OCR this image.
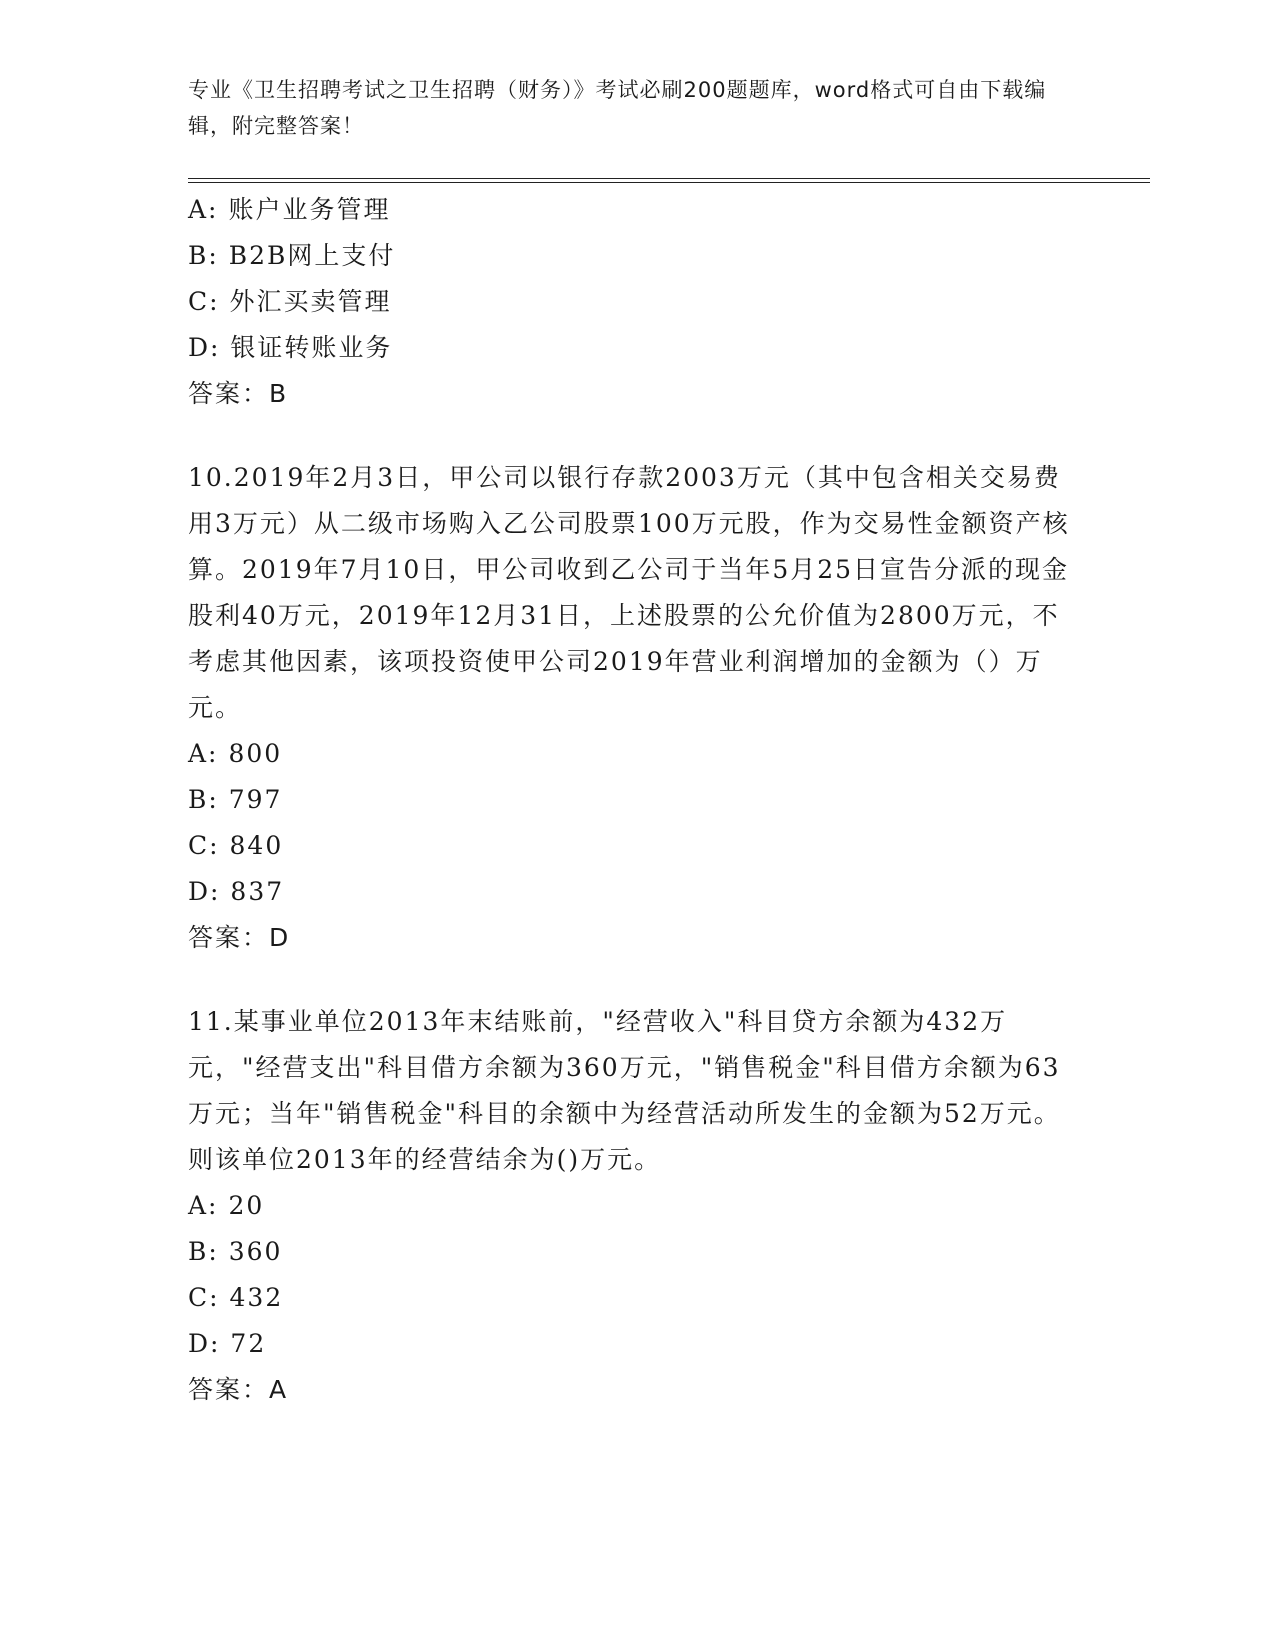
专业《卫生招聘考试之卫生招聘（财务）》考试必刷200题题库，word格式可自由下载编辑，附完整答案！
A: 账户业务管理
B: B2B网上支付
C: 外汇买卖管理
D: 银证转账业务
答案：B
10.2019年2月3日，甲公司以银行存款2003万元（其中包含相关交易费用3万元）从二级市场购入乙公司股票100万元股，作为交易性金额资产核算。2019年7月10日，甲公司收到乙公司于当年5月25日宣告分派的现金股利40万元，2019年12月31日，上述股票的公允价值为2800万元，不考虑其他因素，该项投资使甲公司2019年营业利润增加的金额为（）万元。
A: 800
B: 797
C: 840
D: 837
答案：D
11.某事业单位2013年末结账前，"经营收入"科目贷方余额为432万元，"经营支出"科目借方余额为360万元，"销售税金"科目借方余额为63万元；当年"销售税金"科目的余额中为经营活动所发生的金额为52万元。则该单位2013年的经营结余为()万元。
A: 20
B: 360
C: 432
D: 72
答案：A
